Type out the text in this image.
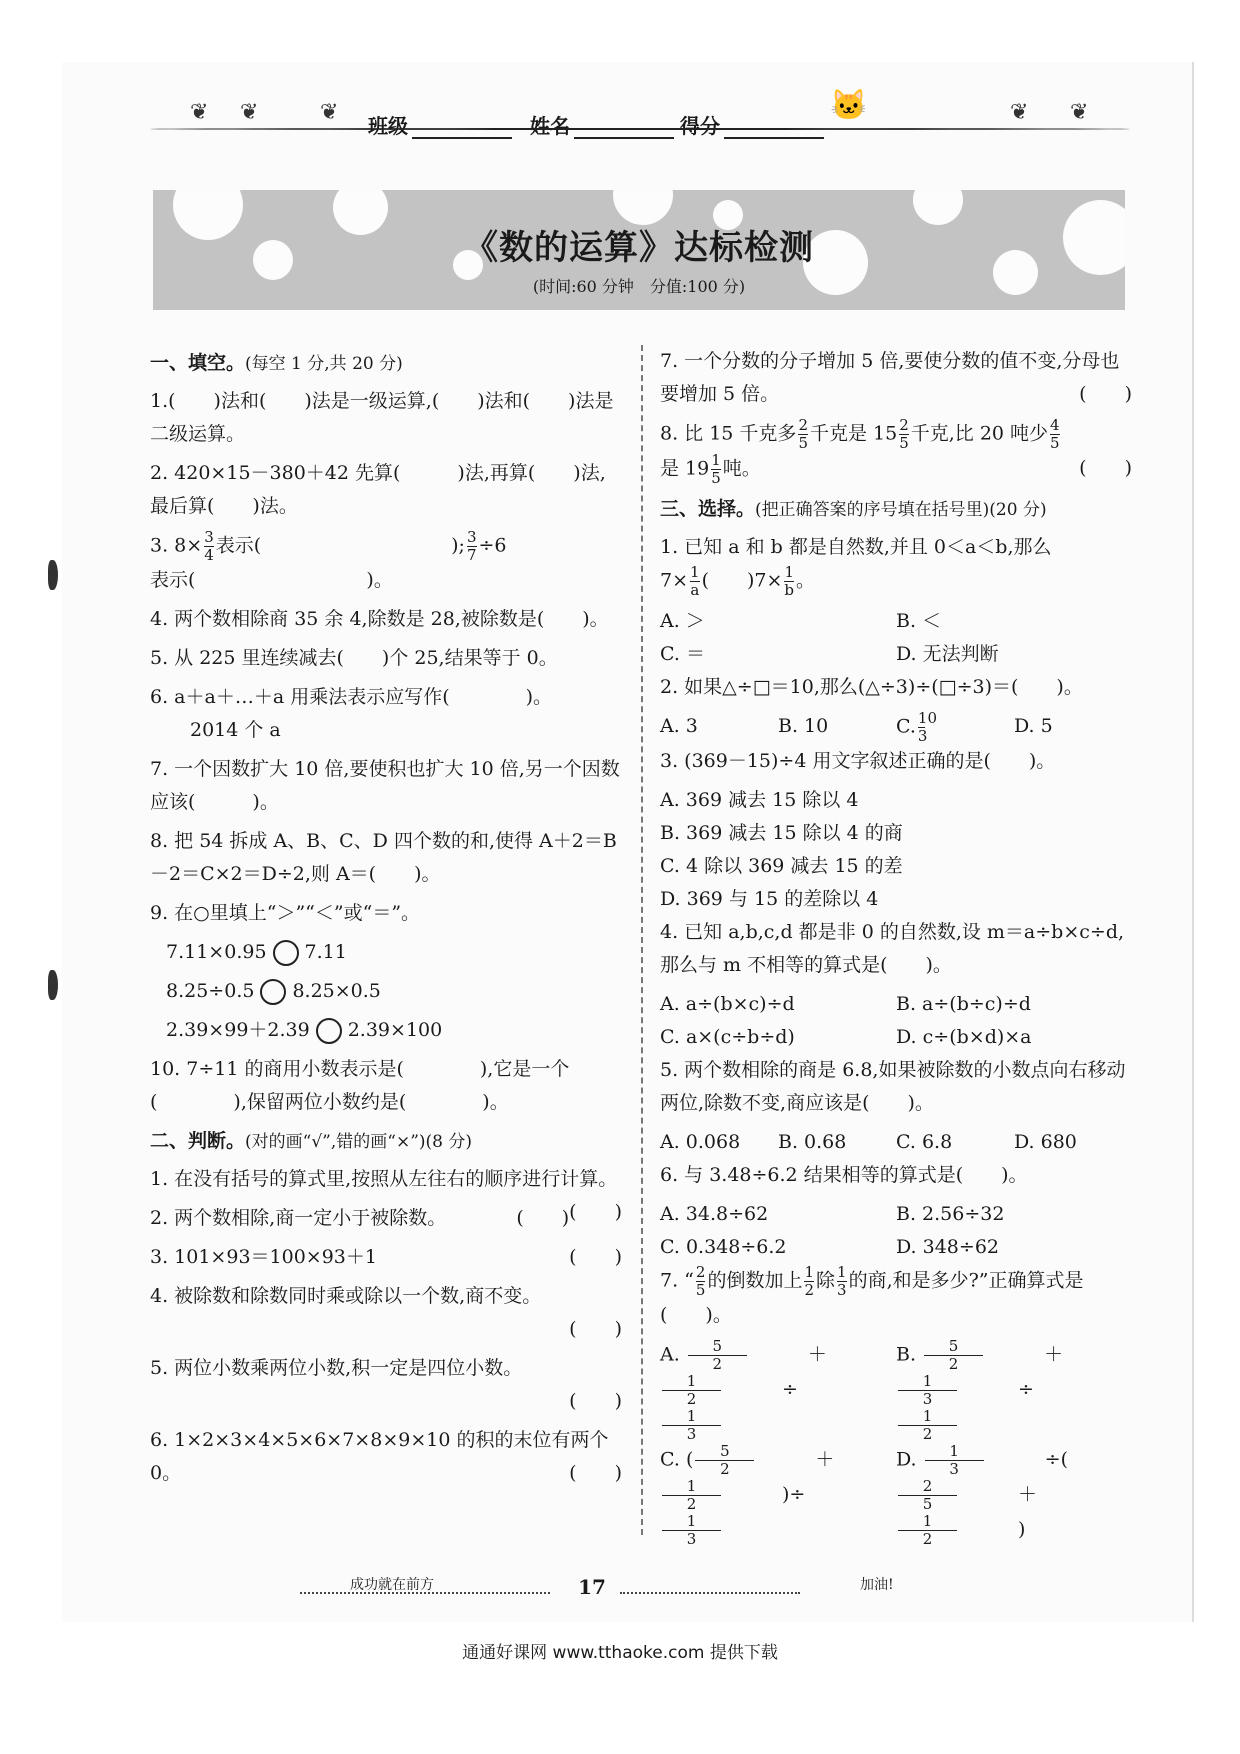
❦ ❦	❦
班级	姓名	得分
🐱	❦ ❦
《数的运算》达标检测
(时间:60 分钟　分值:100 分)
一、填空。(每空 1 分,共 20 分)
1.(　　)法和(　　)法是一级运算,(　　)法和(　　)法是二级运算。
2. 420×15－380＋42 先算(　　　)法,再算(　　)法,最后算(　　)法。
3. $8\times \frac{3}{4}$ 表示(　　　　　　　　　　); $\frac{3}{7} \div 6$
表示(　　　　　　　　　)。
4. 两个数相除商 35 余 4,除数是 28,被除数是(　　)。
5. 从 225 里连续减去(　　)个 25,结果等于 0。
6. a＋a＋…＋a 用乘法表示应写作(　　　　)。
2014 个 a
7. 一个因数扩大 10 倍,要使积也扩大 10 倍,另一个因数应该(　　　)。
8. 把 54 拆成 A、B、C、D 四个数的和,使得 A＋2＝B－2＝C×2＝D÷2,则 A＝(　　)。
9. 在○里填上“＞”“＜”或“＝”。
7.11×0.95 7.11
8.25÷0.5 8.25×0.5
2.39×99＋2.39 2.39×100
10. 7÷11 的商用小数表示是(　　　　),它是一个(　　　　),保留两位小数约是(　　　　)。
二、判断。(对的画“√”,错的画“×”)(8 分)
1. 在没有括号的算式里,按照从左往右的顺序进行计算。
(　　)
2. 两个数相除,商一定小于被除数。	(　　)
3. 101×93＝100×93＋1	(　　)
4. 被除数和除数同时乘或除以一个数,商不变。

(　　)

5. 两位小数乘两位小数,积一定是四位小数。

(　　)

6. 1×2×3×4×5×6×7×8×9×10 的积的末位有两个 0。	(　　)
7. 一个分数的分子增加 5 倍,要使分数的值不变,分母也要增加 5 倍。	(　　)
8. 比 15 千克多 $\frac{2}{5}$ 千克是 $15 \frac{2}{5}$ 千克,比 20 吨少 $\frac{4}{5}$

是 $19 \frac{1}{5}$ 吨。	(　　)
三、选择。(把正确答案的序号填在括号里)(20 分)
1. 已知 a 和 b 都是自然数,并且 0＜a＜b,那么
$7\times \frac{1}{a}$ (　　)$7\times \frac{1}{b}$ 。
A. ＞	B. ＜
C. ＝	D. 无法判断
2. 如果△÷□＝10,那么(△÷3)÷(□÷3)＝(　　)。
A. 3	B. 10	C. $\frac{10}{3}$	D. 5
3. (369－15)÷4 用文字叙述正确的是(　　)。
A. 369 减去 15 除以 4
B. 369 减去 15 除以 4 的商
C. 4 除以 369 减去 15 的差
D. 369 与 15 的差除以 4
4. 已知 a,b,c,d 都是非 0 的自然数,设 m＝a÷b×c÷d,那么与 m 不相等的算式是(　　)。
A. a÷(b×c)÷d	B. a÷(b÷c)÷d
C. a×(c÷b÷d)	D. c÷(b×d)×a
5. 两个数相除的商是 6.8,如果被除数的小数点向右移动两位,除数不变,商应该是(　　)。
A. 0.068	B. 0.68	C. 6.8	D. 680
6. 与 3.48÷6.2 结果相等的算式是(　　)。
A. 34.8÷62	B. 2.56÷32
C. 0.348÷6.2	D. 348÷62
7. “ $\frac{2}{5}$ 的倒数加上 $\frac{1}{2}$ 除 $\frac{1}{3}$ 的商,和是多少?”正确算式是(　　)。
A. $\frac{5}{2}$ ＋
$\frac{1}{2}$ ÷
$\frac{1}{3}$
B. $\frac{5}{2}$ ＋
$\frac{1}{3}$ ÷
$\frac{1}{2}$
C. ( $\frac{5}{2}$ ＋
$\frac{1}{2}$ )÷
$\frac{1}{3}$
D. $\frac{1}{3}$ ÷(
$\frac{2}{5}$ ＋
$\frac{1}{2}$ )
成功就在前方	17	加油!
通通好课网 www.tthaoke.com 提供下载
